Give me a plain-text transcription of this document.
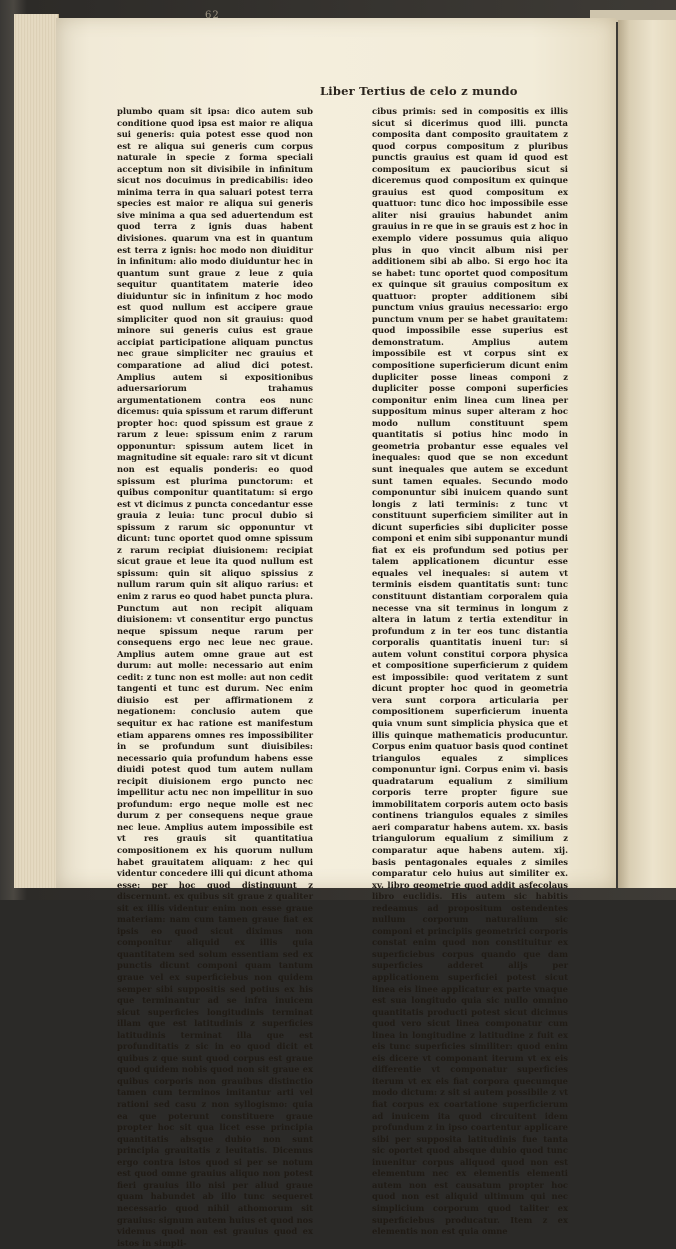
62
Liber Tertius de celo z mundo

plumbo quam sit ipsa: dico autem sub conditione quod ipsa est maior re aliqua sui generis: quia potest esse quod non est re aliqua sui generis cum corpus naturale in specie z forma speciali acceptum non sit divisibile in infinitum sicut nos docuimus in predicabilis: ideo minima terra in qua saluari potest terra species est maior re aliqua sui generis sive minima a qua sed aduertendum est quod terra z ignis duas habent divisiones. quarum vna est in quantum est terra z ignis: hoc modo non diuiditur in infinitum: alio modo diuiduntur hec in quantum sunt graue z leue z quia sequitur quantitatem materie ideo diuiduntur sic in infinitum z hoc modo est quod nullum est accipere graue simpliciter quod non sit grauius: quod minore sui generis cuius est graue accipiat participatione aliquam punctus nec graue simpliciter nec grauius et comparatione ad aliud dici potest. Amplius autem si expositionibus aduersariorum trahamus argumentationem contra eos nunc dicemus: quia spissum et rarum differunt propter hoc: quod spissum est graue z rarum z leue: spissum enim z rarum opponuntur: spissum autem licet in magnitudine sit equale: raro sit vt dicunt non est equalis ponderis: eo quod spissum est plurima punctorum: et quibus componitur quantitatum: si ergo est vt dicimus z puncta concedantur esse grauia z leuia: tunc procul dubio si spissum z rarum sic opponuntur vt dicunt: tunc oportet quod omne spissum z rarum recipiat diuisionem: recipiat sicut graue et leue ita quod nullum est spissum: quin sit aliquo spissius z nullum rarum quin sit aliquo rarius: et enim z rarus eo quod habet puncta plura. Punctum aut non recipit aliquam diuisionem: vt consentitur ergo punctus neque spissum neque rarum per consequens ergo nec leue nec graue. Amplius autem omne graue aut est durum: aut molle: necessario aut enim cedit: z tunc non est molle: aut non cedit tangenti et tunc est durum. Nec enim diuisio est per affirmationem z negationem: conclusio autem que sequitur ex hac ratione est manifestum etiam apparens omnes res impossibiliter in se profundum sunt diuisibiles: necessario quia profundum habens esse diuidi potest quod tum autem nullam recipit diuisionem ergo puncto nec impellitur actu nec non impellitur in suo profundum: ergo neque molle est nec durum z per consequens neque graue nec leue. Amplius autem impossibile est vt res grauis sit quantitatiua compositionem ex his quorum nullum habet grauitatem aliquam: z hec qui videntur concedere illi qui dicunt athoma esse: per hoc quod distinguunt z discernunt. ex quibus sit graue z qualiter sit ex illis videntur enim non esse graue materiam: nam cum tamen graue fiat ex ipsis eo quod sicut diximus non componitur aliquid ex illis quia quantitatem sed solum essentiam sed ex punctis dicunt componi quam tantum graue vel ex superficiebus non quidem semper sibi suppositis sed potius ex his que terminantur ad se infra inuicem sicut superficies longitudinis terminat illam que est latitudinis z superficies latitudinis terminat illa que est profunditatis z sic in eo quod dicit et quibus z que sunt quod corpus est graue quod quidem nobis quod non sit graue ex quibus corporis non grauibus distinctio tamen cum terminos imitantur arti vel rationi sed casu z non syllogismo: quia ea que poterunt constituere graue propter hoc sit qua licet esse principia quantitatis absque dubio non sunt principia grauitatis z leuitatis. Dicemus ergo contra istos quod si per se notum est quod omne grauius aliquo non potest fieri grauius illo nisi per aliud graue quam habundet ab illo tunc sequeret necessario quod nihil athomorum sit grauius: signum autem huius et quod nos videmus quod non est grauius quod ex istos in simpli-

cibus primis: sed in compositis ex illis sicut si dicerimus quod illi. puncta composita dant composito grauitatem z quod corpus compositum z pluribus punctis grauius est quam id quod est compositum ex paucioribus sicut si diceremus quod compositum ex quinque grauius est quod compositum ex quattuor: tunc dico hoc impossibile esse aliter nisi grauius habundet anim grauius in re que in se grauis est z hoc in exemplo videre possumus quia aliquo plus in quo vincit album nisi per additionem sibi ab albo. Si ergo hoc ita se habet: tunc oportet quod compositum ex quinque sit grauius compositum ex quattuor: propter additionem sibi punctum vnius grauius necessario: ergo punctum vnum per se habet grauitatem: quod impossibile esse superius est demonstratum. Amplius autem impossibile est vt corpus sint ex compositione superficierum dicunt enim dupliciter posse lineas componi z dupliciter posse componi superficies componitur enim linea cum linea per suppositum minus super alteram z hoc modo nullum constituunt spem quantitatis si potius hinc modo in geometria probantur esse equales vel inequales: quod que se non excedunt sunt inequales que autem se excedunt sunt tamen equales. Secundo modo componuntur sibi inuicem quando sunt longis z lati terminis: z tunc vt constituunt superficiem similiter aut in dicunt superficies sibi dupliciter posse componi et enim sibi supponantur mundi fiat ex eis profundum sed potius per talem applicationem dicuntur esse equales vel inequales: si autem vt terminis eisdem quantitatis sunt: tunc constituunt distantiam corporalem quia necesse vna sit terminus in longum z altera in latum z tertia extenditur in profundum z in ter eos tunc distantia corporalis quantitatis inueni tur: si autem volunt constitui corpora physica et compositione superficierum z quidem est impossibile: quod veritatem z sunt dicunt propter hoc quod in geometria vera sunt corpora articularia per compositionem superficierum inuenta quia vnum sunt simplicia physica que et illis quinque mathematicis producuntur. Corpus enim quatuor basis quod continet triangulos equales z simplices componuntur igni. Corpus enim vi. basis quadratarum equalium z similium corporis terre propter figure sue immobilitatem corporis autem octo basis continens triangulos equales z similes aeri comparatur habens autem. xx. basis triangulorum equalium z similium z comparatur aque habens autem. xij. basis pentagonales equales z similes comparatur celo huius aut similiter ex. xv. libro geometrie quod addit asfecolaus libro euclidis. His autem sic habitis redeamus ad propositum ostendentes nullum corporum naturalium sic componi et principiis geometrici corporis constat enim quod non constituitur ex superficiebus corpus quando que dam superficies adderet alijs per applicationem superficiei potest sicut linea eis linee applicatur ex parte vnaque est sua longitudo quia sic nullo omnino quantitatis producti potest sicut dicimus quod vero sicut linea componatur cum linea in longitudine z latitudine z fuit ex eis tunc superficies similiter: quod enim eis dicere vt componant iterum vt ex eis differentie vt componatur superficies iterum vt ex eis fiat corpora quecumque modo dictum: z sit si autem possibile z vt fiat corpus ex coartatione superficierum ad inuicem ita quod circuitent idem profundum z in ipso coartentur applicare sibi per supposita latitudinis fue tanta sic oportet quod absque dubio quod tunc inuenitur corpus aliquod quod non est elementum nec ex elementis elementi autem non est causatum propter hoc quod non est aliquid ultimum qui nec simplicium corporum quod taliter ex superficiebus producatur. Item z ex elementis non est quia omne
